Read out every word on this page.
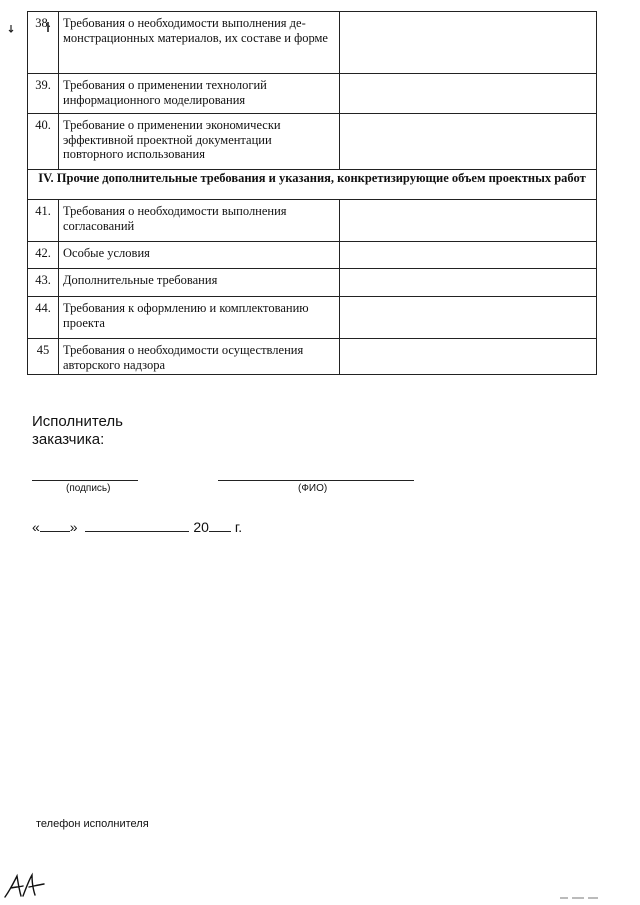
38.	Требования о необходимости выполнения де-монстрационных материалов, их составе и форме	
39.	Требования о применении технологий информационного моделирования	
40.	Требование о применении экономически эффективной проектной документации повторного использования	
IV. Прочие дополнительные требования и указания, конкретизирующие объем проектных работ		
41.	Требования о необходимости выполнения согласований	
42.	Особые условия	
43.	Дополнительные требования	
44.	Требования к оформлению и комплектованию проекта	
45	Требования о необходимости осуществления авторского надзора	
Исполнитель
заказчика:
(подпись)	(ФИО)
« »	20 г.
телефон исполнителя
